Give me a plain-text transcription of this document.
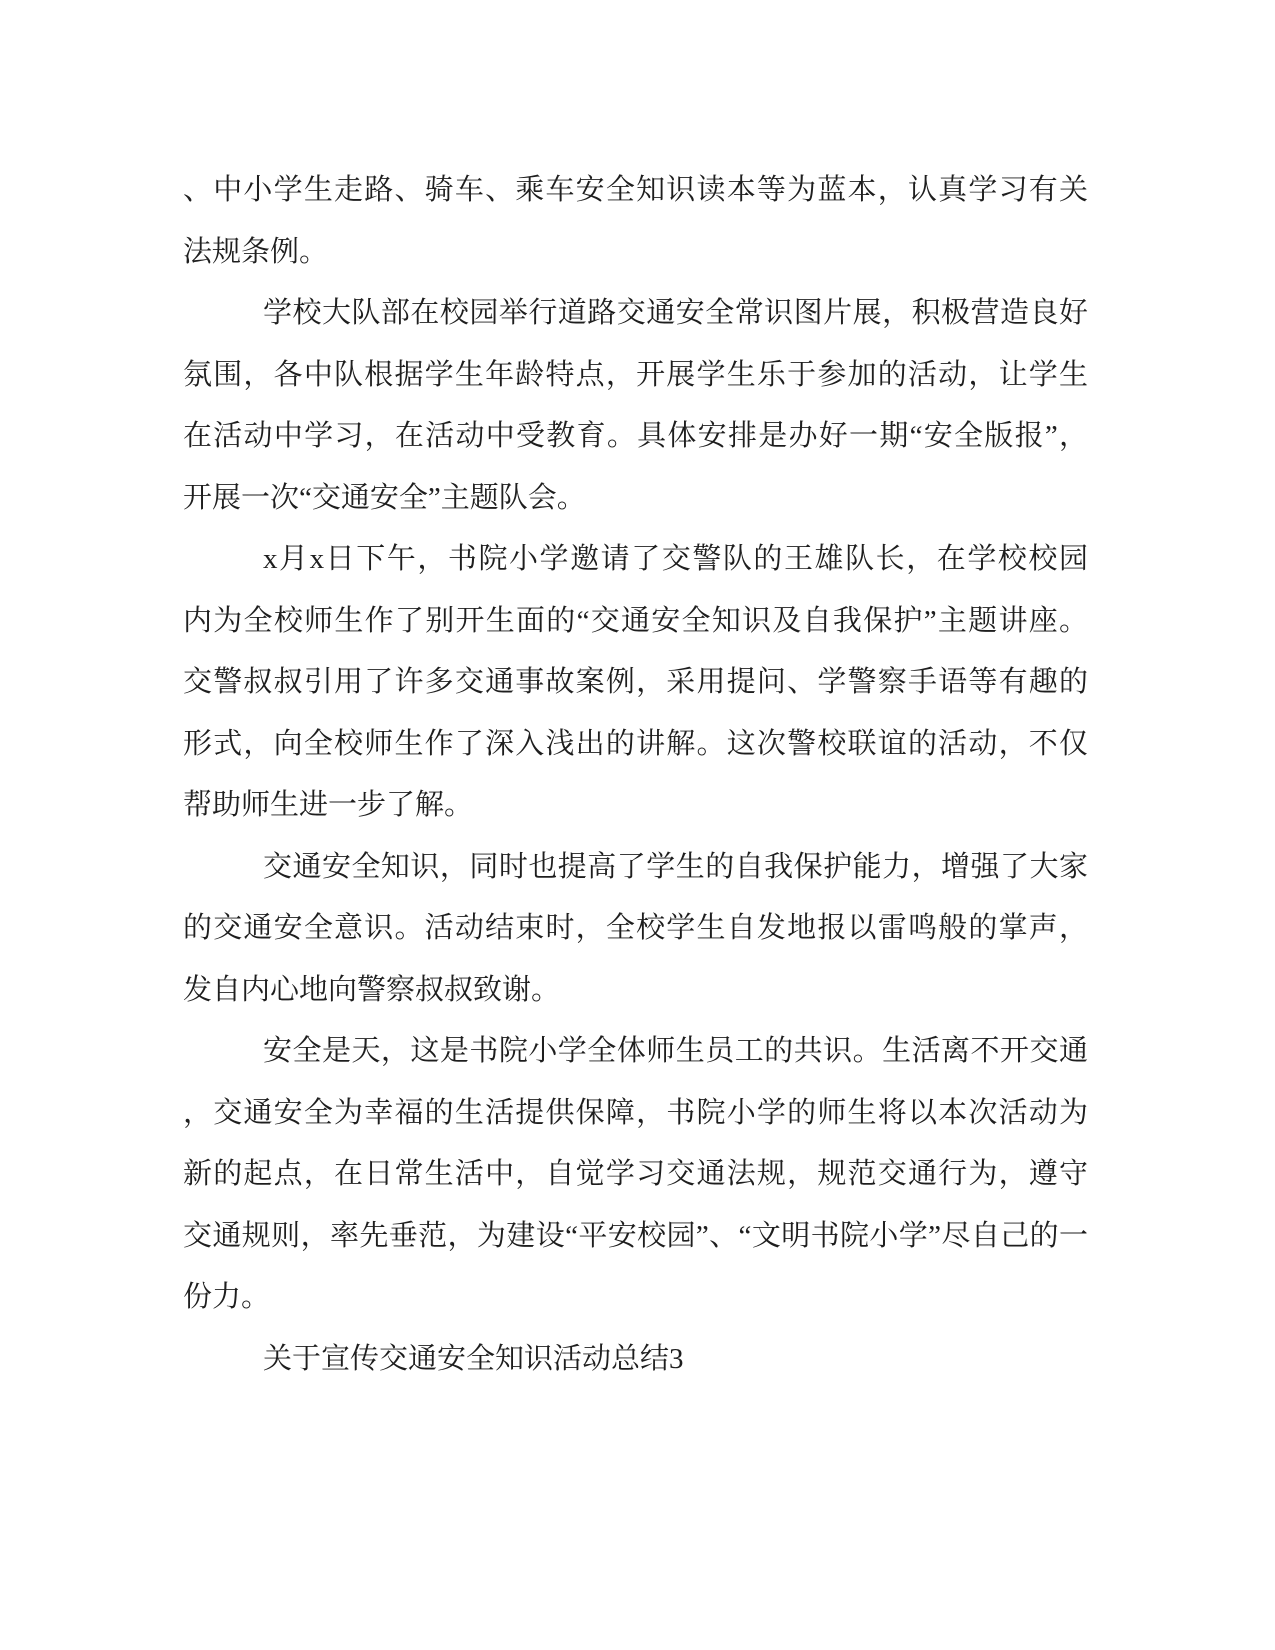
、中小学生走路、骑车、乘车安全知识读本等为蓝本，认真学习有关

法规条例。

学校大队部在校园举行道路交通安全常识图片展，积极营造良好

氛围，各中队根据学生年龄特点，开展学生乐于参加的活动，让学生

在活动中学习，在活动中受教育。具体安排是办好一期“安全版报”，

开展一次“交通安全”主题队会。

x月x日下午，书院小学邀请了交警队的王雄队长，在学校校园

内为全校师生作了别开生面的“交通安全知识及自我保护”主题讲座。

交警叔叔引用了许多交通事故案例，采用提问、学警察手语等有趣的

形式，向全校师生作了深入浅出的讲解。这次警校联谊的活动，不仅

帮助师生进一步了解。

交通安全知识，同时也提高了学生的自我保护能力，增强了大家

的交通安全意识。活动结束时，全校学生自发地报以雷鸣般的掌声，

发自内心地向警察叔叔致谢。

安全是天，这是书院小学全体师生员工的共识。生活离不开交通

，交通安全为幸福的生活提供保障，书院小学的师生将以本次活动为

新的起点，在日常生活中，自觉学习交通法规，规范交通行为，遵守

交通规则，率先垂范，为建设“平安校园”、“文明书院小学”尽自己的一

份力。

关于宣传交通安全知识活动总结3
